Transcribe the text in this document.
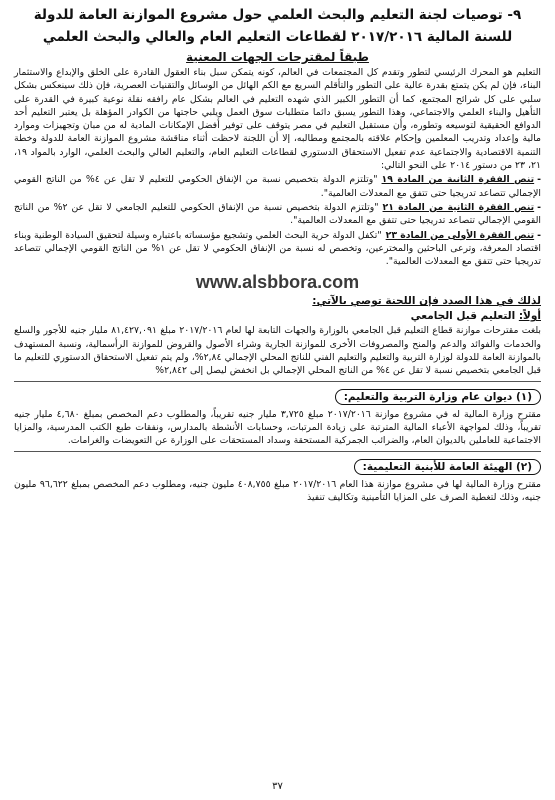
٩- توصيات لجنة التعليم والبحث العلمي حول مشروع الموازنة العامة للدولة
للسنة المالية ٢٠١٧/٢٠١٦ لقطاعات التعليم العام والعالي والبحث العلمي
طبقاً لمقترحات الجهات المعنية

التعليم هو المحرك الرئيسي لتطور وتقدم كل المجتمعات في العالم، كونه يتمكن سبل بناء العقول القادرة على الخلق والإبداع والاستثمار البناء، فإن لم يكن يتمتع بقدرة عالية على التطور والتأقلم السريع مع الكم الهائل من الوسائل والتقنيات العصرية، فإن ذلك سينعكس بشكل سلبي على كل شرائح المجتمع، كما أن التطور الكبير الذي شهده التعليم في العالم بشكل عام رافقه نقلة نوعية كبيرة في القدرة على التأهيل والبناء العلمي والاجتماعي، وهذا التطور يسبق دائما متطلبات سوق العمل ويلبي حاجتها من الكوادر المؤهلة بل يعتبر التعليم أحد الدوافع الحقيقية لتوسيعه وتطوره، وأن مستقبل التعليم في مصر يتوقف على توفير أفضل الإمكانات المادية له من مبان وتجهيزات وموارد مالية وإعداد وتدريب المعلمين وإحكام علاقته بالمجتمع ومطالبه، إلا أن اللجنة لاحظت أثناء مناقشة مشروع الموازنة العامة للدولة وخطة التنمية الاقتصادية والاجتماعية عدم تفعيل الاستحقاق الدستوري لقطاعات التعليم العام، والتعليم العالي والبحث العلمي، الوارد بالمواد ١٩، ٢١، ٢٣ من دستور ٢٠١٤ على النحو التالي:

-تنص الفقرة الثانية من المادة ١٩"وتلتزم الدولة بتخصيص نسبة من الإنفاق الحكومي للتعليم لا تقل عن ٤% من الناتج القومي الإجمالي تتصاعد تدريجيا حتى تتفق مع المعدلات العالمية".
-تنص الفقرة الثانية من المادة ٢١"وتلتزم الدولة بتخصيص نسبة من الإنفاق الحكومي للتعليم الجامعي لا تقل عن ٢% من الناتج القومي الإجمالي تتصاعد تدريجيا حتى تتفق مع المعدلات العالمية".
-تنص الفقرة الأولى من المادة ٢٣"تكفل الدولة حرية البحث العلمي وتشجيع مؤسساته باعتباره وسيلة لتحقيق السيادة الوطنية وبناء اقتصاد المعرفة، وترعى الباحثين والمخترعين، وتخصص له نسبة من الإنفاق الحكومي لا تقل عن ١% من الناتج القومي الإجمالي تتصاعد تدريجيا حتى تتفق مع المعدلات العالمية".
www.alsbbora.com
لذلك في هذا الصدد فإن اللجنة توصي بالآتي:
أولاً: التعليم قبل الجامعي

بلغت مقترحات موازنة قطاع التعليم قبل الجامعي بالوزارة والجهات التابعة لها لعام ٢٠١٧/٢٠١٦ مبلغ ٨١,٤٢٧,٠٩١ مليار جنيه للأجور والسلع والخدمات والفوائد والدعم والمنح والمصروفات الأخرى للموازنة الجارية وشراء الأصول والقروض للموازنة الرأسمالية، ونسبة المستهدف بالموازنة العامة للدولة لوزارة التربية والتعليم والتعليم الفني للناتج المحلي الإجمالي ٢,٨٤%، ولم يتم تفعيل الاستحقاق الدستوري للتعليم ما قبل الجامعي بتخصيص نسبة لا تقل عن ٤% من الناتج المحلي الإجمالي بل انخفض ليصل إلى ٢,٨٤٢%

(١) ديوان عام وزارة التربية والتعليم:

مقترح وزارة المالية له في مشروع موازنة ٢٠١٧/٢٠١٦ مبلغ ٣,٧٢٥ مليار جنيه تقريباً، والمطلوب دعم المخصص بمبلغ ٤,٦٨٠ مليار جنيه تقريباً، وذلك لمواجهة الأعباء المالية المترتبة على زيادة المرتبات، وحسابات الأنشطة بالمدارس، ونفقات طبع الكتب المدرسية، والمزايا الاجتماعية للعاملين بالديوان العام، والضرائب الجمركية المستحقة وسداد المستحقات على الوزارة عن التعويضات والغرامات.

(٢) الهيئة العامة للأبنية التعليمية:

مقترح وزارة المالية لها في مشروع موازنة هذا العام ٢٠١٧/٢٠١٦ مبلغ ٤٠٨,٧٥٥ مليون جنيه، ومطلوب دعم المخصص بمبلغ ٩٦,٦٢٢ مليون جنيه، وذلك لتغطية الصرف على المزايا التأمينية وتكاليف تنفيذ

٣٧
